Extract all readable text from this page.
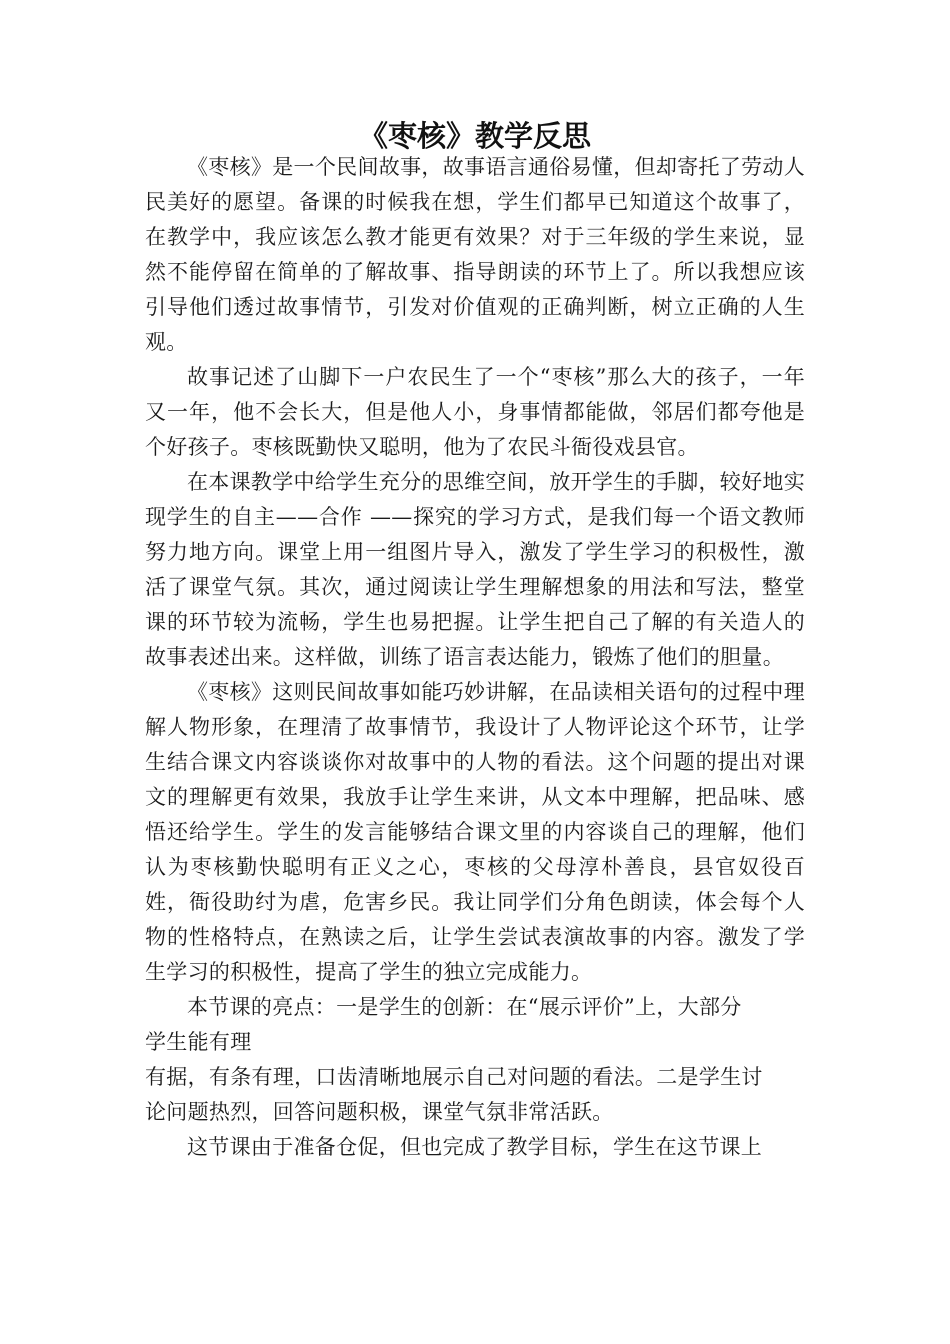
《枣核》教学反思

《枣核》是一个民间故事，故事语言通俗易懂，但却寄托了劳动人民美好的愿望。备课的时候我在想，学生们都早已知道这个故事了，在教学中，我应该怎么教才能更有效果？对于三年级的学生来说，显然不能停留在简单的了解故事、指导朗读的环节上了。所以我想应该引导他们透过故事情节，引发对价值观的正确判断，树立正确的人生观。

故事记述了山脚下一户农民生了一个“枣核”那么大的孩子，一年又一年，他不会长大，但是他人小，身事情都能做，邻居们都夸他是个好孩子。枣核既勤快又聪明，他为了农民斗衙役戏县官。

在本课教学中给学生充分的思维空间，放开学生的手脚，较好地实现学生的自主——合作 ——探究的学习方式，是我们每一个语文教师努力地方向。课堂上用一组图片导入，激发了学生学习的积极性，激活了课堂气氛。其次，通过阅读让学生理解想象的用法和写法，整堂课的环节较为流畅，学生也易把握。让学生把自己了解的有关造人的故事表述出来。这样做，训练了语言表达能力，锻炼了他们的胆量。

《枣核》这则民间故事如能巧妙讲解，在品读相关语句的过程中理解人物形象，在理清了故事情节，我设计了人物评论这个环节，让学生结合课文内容谈谈你对故事中的人物的看法。这个问题的提出对课文的理解更有效果，我放手让学生来讲，从文本中理解，把品味、感悟还给学生。学生的发言能够结合课文里的内容谈自己的理解，他们认为枣核勤快聪明有正义之心，枣核的父母淳朴善良，县官奴役百姓，衙役助纣为虐，危害乡民。我让同学们分角色朗读，体会每个人物的性格特点，在熟读之后，让学生尝试表演故事的内容。激发了学生学习的积极性，提高了学生的独立完成能力。

本节课的亮点：一是学生的创新：在“展示评价”上，大部分

学生能有理

有据，有条有理，口齿清晰地展示自己对问题的看法。二是学生讨

论问题热烈，回答问题积极，课堂气氛非常活跃。

这节课由于准备仓促，但也完成了教学目标，学生在这节课上
